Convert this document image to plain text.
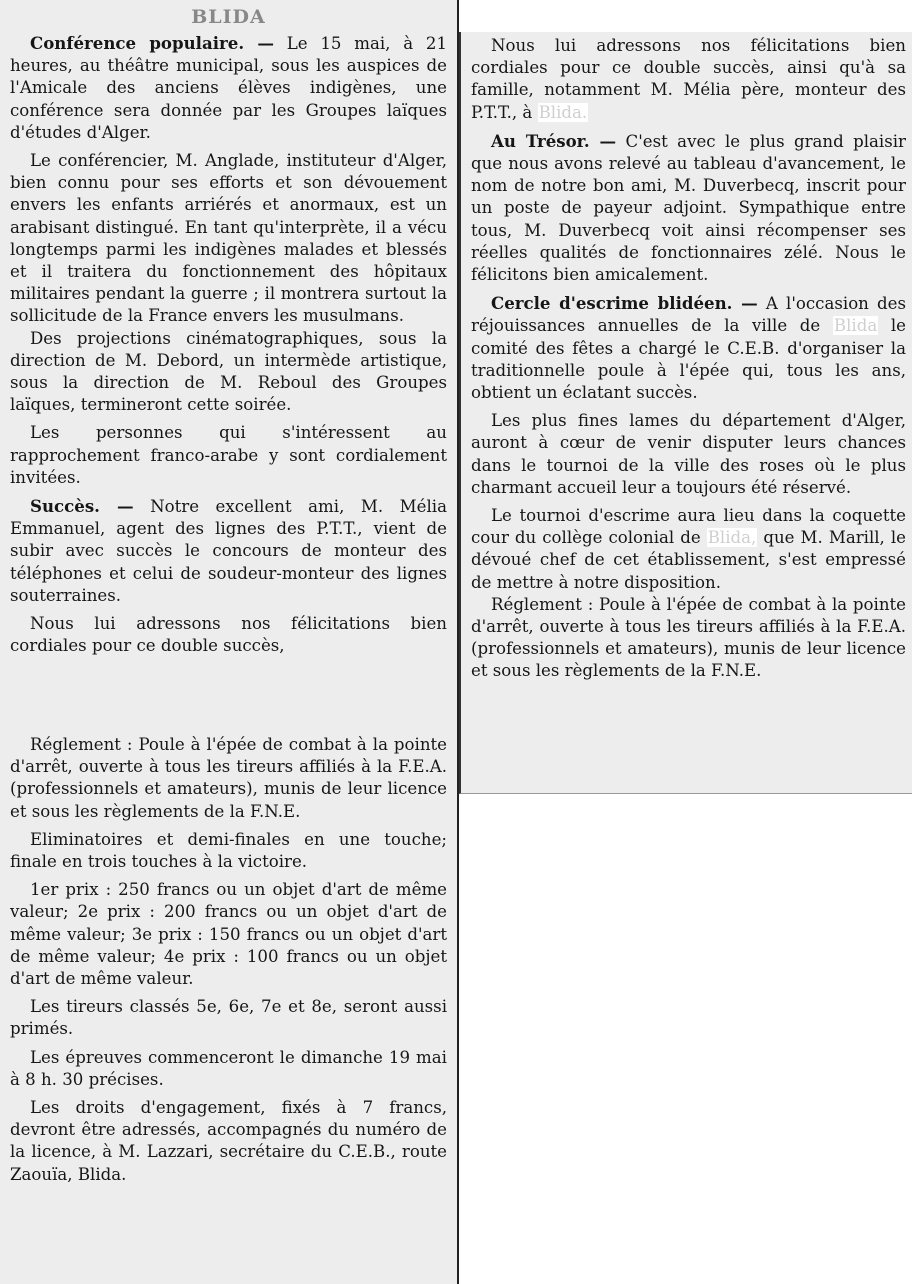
BLIDA

Conférence populaire. — Le 15 mai, à 21 heures, au théâtre municipal, sous les auspices de l'Amicale des anciens élèves indigènes, une conférence sera donnée par les Groupes laïques d'études d'Alger.

Le conférencier, M. Anglade, instituteur d'Alger, bien connu pour ses efforts et son dévouement envers les enfants arriérés et anormaux, est un arabisant distingué. En tant qu'interprète, il a vécu longtemps parmi les indigènes malades et blessés et il traitera du fonctionnement des hôpitaux militaires pendant la guerre ; il montrera surtout la sollicitude de la France envers les musulmans.

Des projections cinématographiques, sous la direction de M. Debord, un intermède artistique, sous la direction de M. Reboul des Groupes laïques, termineront cette soirée.

Les personnes qui s'intéressent au rapprochement franco-arabe y sont cordialement invitées.

Succès. — Notre excellent ami, M. Mélia Emmanuel, agent des lignes des P.T.T., vient de subir avec succès le concours de monteur des téléphones et celui de soudeur-monteur des lignes souterraines.

Nous lui adressons nos félicitations bien cordiales pour ce double succès,

Nous lui adressons nos félicitations bien cordiales pour ce double succès, ainsi qu'à sa famille, notamment M. Mélia père, monteur des P.T.T., à Blida.

Au Trésor. — C'est avec le plus grand plaisir que nous avons relevé au tableau d'avancement, le nom de notre bon ami, M. Duverbecq, inscrit pour un poste de payeur adjoint. Sympathique entre tous, M. Duverbecq voit ainsi récompenser ses réelles qualités de fonctionnaires zélé. Nous le félicitons bien amicalement.

Cercle d'escrime blidéen. — A l'occasion des réjouissances annuelles de la ville de Blida le comité des fêtes a chargé le C.E.B. d'organiser la traditionnelle poule à l'épée qui, tous les ans, obtient un éclatant succès.

Les plus fines lames du département d'Alger, auront à cœur de venir disputer leurs chances dans le tournoi de la ville des roses où le plus charmant accueil leur a toujours été réservé.

Le tournoi d'escrime aura lieu dans la coquette cour du collège colonial de Blida, que M. Marill, le dévoué chef de cet établissement, s'est empressé de mettre à notre disposition.

Réglement : Poule à l'épée de combat à la pointe d'arrêt, ouverte à tous les tireurs affiliés à la F.E.A. (professionnels et amateurs), munis de leur licence et sous les règlements de la F.N.E.

Réglement : Poule à l'épée de combat à la pointe d'arrêt, ouverte à tous les tireurs affiliés à la F.E.A. (professionnels et amateurs), munis de leur licence et sous les règlements de la F.N.E.

Eliminatoires et demi-finales en une touche; finale en trois touches à la victoire.

1er prix : 250 francs ou un objet d'art de même valeur; 2e prix : 200 francs ou un objet d'art de même valeur; 3e prix : 150 francs ou un objet d'art de même valeur; 4e prix : 100 francs ou un objet d'art de même valeur.

Les tireurs classés 5e, 6e, 7e et 8e, seront aussi primés.

Les épreuves commenceront le dimanche 19 mai à 8 h. 30 précises.

Les droits d'engagement, fixés à 7 francs, devront être adressés, accompagnés du numéro de la licence, à M. Lazzari, secrétaire du C.E.B., route Zaouïa, Blida.
